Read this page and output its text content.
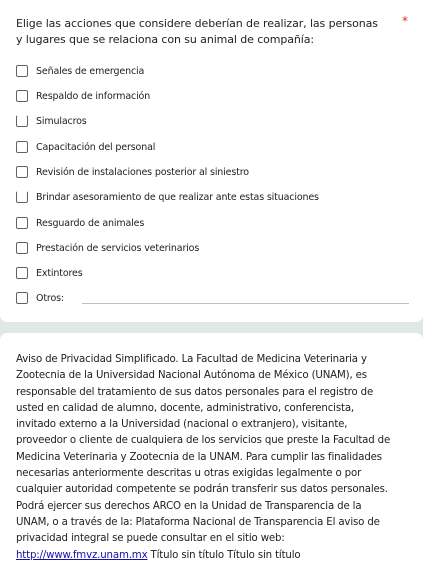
Elige las acciones que considere deberían de realizar, las personas y lugares que se relaciona con su animal de compañía:
*
Señales de emergencia
Respaldo de información
Simulacros
Capacitación del personal
Revisión de instalaciones posterior al siniestro
Brindar asesoramiento de que realizar ante estas situaciones
Resguardo de animales
Prestación de servicios veterinarios
Extintores
Otros:
Aviso de Privacidad Simplificado. La Facultad de Medicina Veterinaria y Zootecnia de la Universidad Nacional Autónoma de México (UNAM), es responsable del tratamiento de sus datos personales para el registro de usted en calidad de alumno, docente, administrativo, conferencista, invitado externo a la Universidad (nacional o extranjero), visitante, proveedor o cliente de cualquiera de los servicios que preste la Facultad de Medicina Veterinaria y Zootecnia de la UNAM. Para cumplir las finalidades necesarias anteriormente descritas u otras exigidas legalmente o por cualquier autoridad competente se podrán transferir sus datos personales. Podrá ejercer sus derechos ARCO en la Unidad de Transparencia de la UNAM, o a través de la: Plataforma Nacional de Transparencia El aviso de privacidad integral se puede consultar en el sitio web: http://www.fmvz.unam.mx Título sin título Título sin título
